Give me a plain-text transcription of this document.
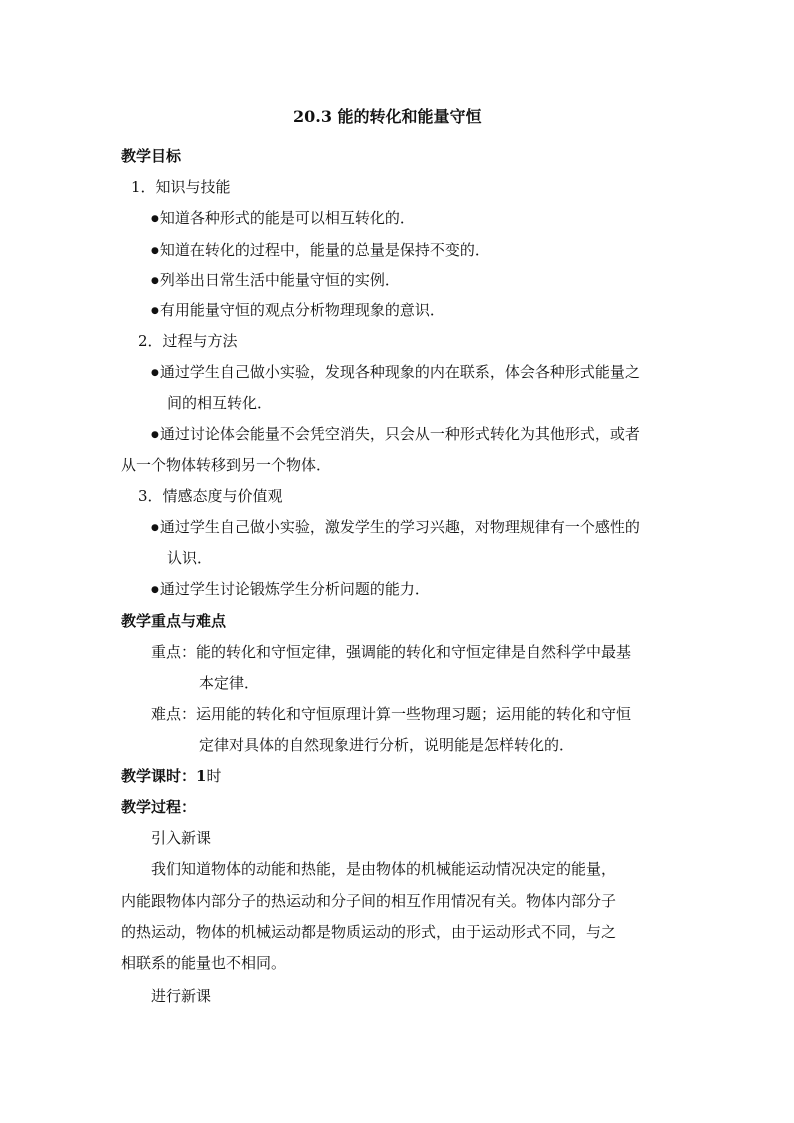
20.3 能的转化和能量守恒
教学目标
1．知识与技能
● 知道各种形式的能是可以相互转化的．
● 知道在转化的过程中，能量的总量是保持不变的．
● 列举出日常生活中能量守恒的实例．
● 有用能量守恒的观点分析物理现象的意识．
2．过程与方法
● 通过学生自己做小实验，发现各种现象的内在联系，体会各种形式能量之
间的相互转化．
● 通过讨论体会能量不会凭空消失，只会从一种形式转化为其他形式，或者
从一个物体转移到另一个物体．
3．情感态度与价值观
● 通过学生自己做小实验，激发学生的学习兴趣，对物理规律有一个感性的
认识．
● 通过学生讨论锻炼学生分析问题的能力．
教学重点与难点
重点：能的转化和守恒定律，强调能的转化和守恒定律是自然科学中最基
本定律．
难点：运用能的转化和守恒原理计算一些物理习题；运用能的转化和守恒
定律对具体的自然现象进行分析，说明能是怎样转化的．
教学课时：1时
教学过程：
引入新课
我们知道物体的动能和热能，是由物体的机械能运动情况决定的能量，
内能跟物体内部分子的热运动和分子间的相互作用情况有关。物体内部分子
的热运动，物体的机械运动都是物质运动的形式，由于运动形式不同，与之
相联系的能量也不相同。
进行新课
